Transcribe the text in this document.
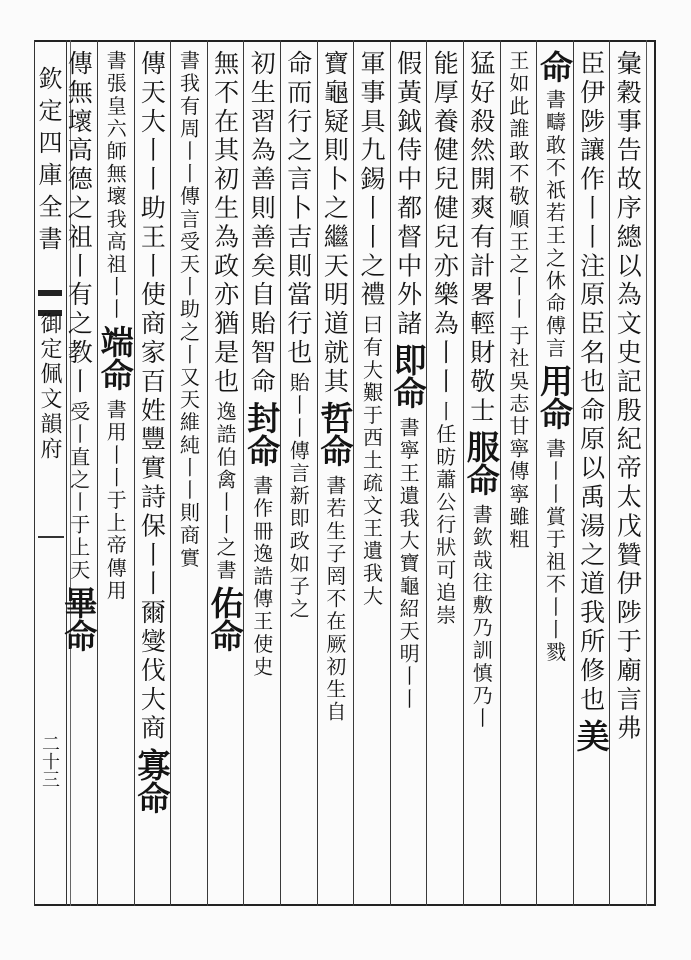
欽定四庫全書
御定佩文韻府
二十三
彙穀事告故序總以為文史記殷紀帝太戊贊伊陟于廟言弗
臣伊陟讓作丨丨注原臣名也命原以禹湯之道我所修也
美
命
書疇敢不祇若王之休命傅言
用命
書丨丨賞于祖不丨丨戮
王如此誰敢不敬順王之丨丨
于社吳志甘寧傳寧雖粗
猛好殺然開爽有計畧輕財敬士
服命
書欽哉往敷乃訓慎乃丨
能厚養健兒健兒亦樂為丨丨
丨任昉蕭公行狀可追崇
假黃鉞侍中都督中外諸
即命
書寧王遺我大寶龜紹天明丨丨
軍事具九錫丨丨之禮
曰有大艱于西土疏文王遺我大
寶龜疑則卜之繼天明道就其
哲命
書若生子罔不在厥初生自
命而行之言卜吉則當行也
貽丨丨傳言新即政如子之
初生習為善則善矣自貽智命
封命
書作冊逸誥傳王使史
無不在其初生為政亦猶是也
逸誥伯禽丨丨之書
佑命
書我有周丨丨傳言受天丨助之丨又天維純丨丨則商實
傳天大丨丨助王丨使商家百姓豐實詩保丨丨爾燮伐大商
寡命
書張皇六師無壞我高祖丨丨
端命
書用丨丨于上帝傳用
傳無壞高德之祖丨有之教丨
受丨直之丨于上天
畢命
